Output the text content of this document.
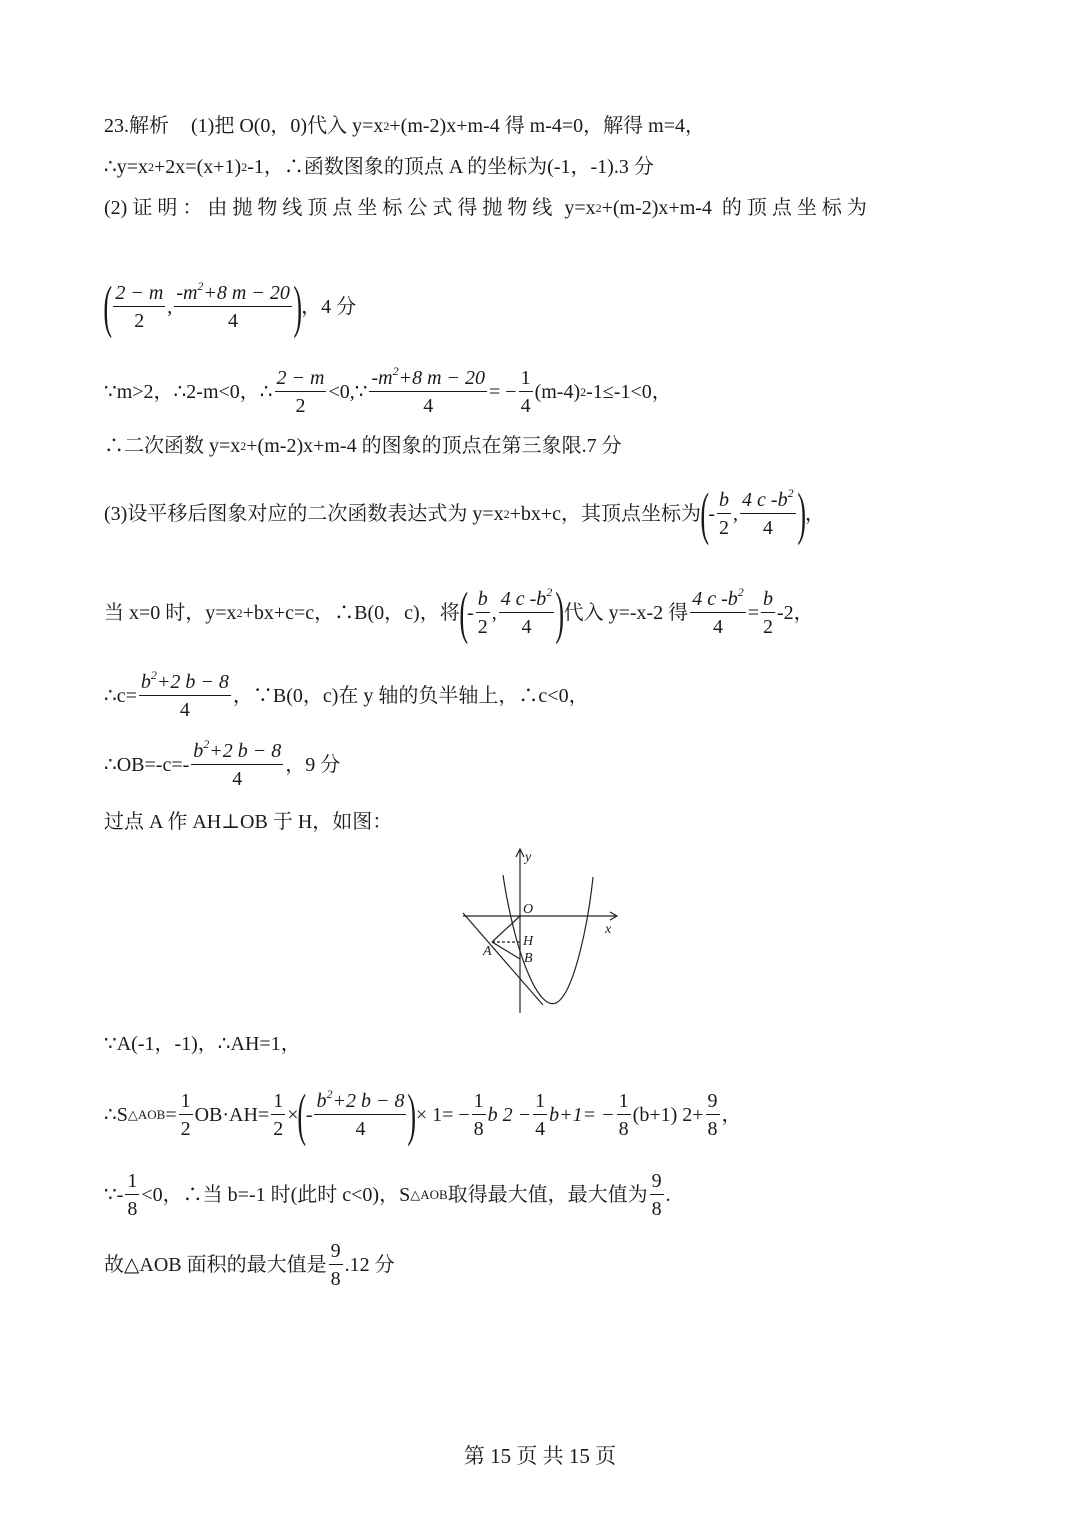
23.解析 (1)把 O(0，0)代入 y=x 2 +(m-2)x+m-4 得 m-4=0，解得 m=4，
∴y=x 2 +2x=(x+1) 2 -1，∴函数图象的顶点 A 的坐标为(-1，-1).3 分
(2) 证 明 ： 由 抛 物 线 顶 点 坐 标 公 式 得 抛 物 线 y=x 2 +(m-2)x+m-4 的 顶 点 坐 标 为
( $\frac{2 - m}{2}$ , $\frac{-m^2+8 m - 20}{4}$ ) ，4 分
∵m>2，∴2-m<0，∴ $\frac{2 - m}{2}$ <0,∵ $\frac{-m^2+8 m - 20}{4}$ = − $\frac{1}{4} (m-4)$ 2 -1≤-1<0，
∴二次函数 y=x 2 +(m-2)x+m-4 的图象的顶点在第三象限.7 分
(3)设平移后图象对应的二次函数表达式为 y=x 2 +bx+c，其顶点坐标为 ( - $\frac{b}{2}$ , $\frac{4 c -b^2}{4}$ ) ，
当 x=0 时，y=x 2 +bx+c=c，∴B(0，c)，将 ( - $\frac{b}{2}$ , $\frac{4 c -b^2}{4}$ ) 代入 y=-x-2 得 $\frac{4 c -b^2}{4} = \frac{b}{2} -2$，
∴c= $\frac{b^2+2 b - 8}{4}$ ，∵B(0，c)在 y 轴的负半轴上，∴c<0，
∴OB=-c=- $\frac{b^2+2 b - 8}{4}$ ，9 分
过点 A 作 AH⊥OB 于 H，如图：
y
x
O
H
A B
∵A(-1，-1)，∴AH=1，
∴S △AOB = $\frac{1}{2} OB\cdot AH= \frac{1}{2}$ × ( - $\frac{b^2+2 b - 8}{4}$ ) × $1= - \frac{1}{8}$ b $2 - \frac{1}{4} b+1= - \frac{1}{8} (b+1)$ $2+ \frac{9}{8}$ ，
∵- $\frac{1}{8} <0$，∴当 b=-1 时(此时 c<0)，S △AOB 取得最大值，最大值为 $\frac{9}{8}$ .
故△AOB 面积的最大值是 $\frac{9}{8} .12$ 分
第 15 页 共 15 页
